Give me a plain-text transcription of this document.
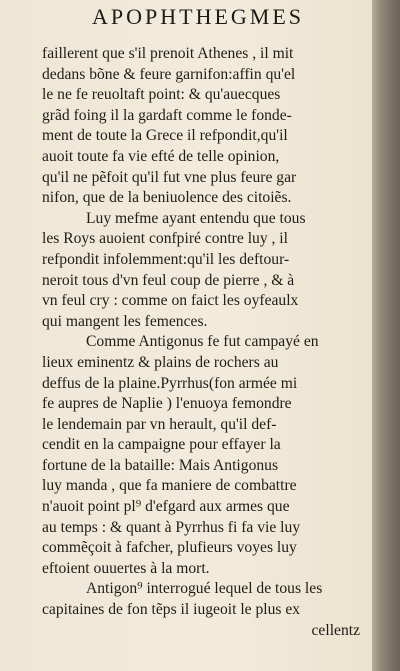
APOPHTHEGMES
faillerent que s'il prenoit Athenes , il mit
dedans bõne & feure garnifon:affin qu'el
le ne fe reuoltaft point: & qu'auecques
grãd foing il la gardaft comme le fonde-
ment de toute la Grece il refpondit,qu'il
auoit toute fa vie efté de telle opinion,
qu'il ne pẽfoit qu'il fut vne plus feure gar
nifon, que de la beniuolence des citoiẽs.
Luy mefme ayant entendu que tous
les Roys auoient confpiré contre luy , il
refpondit infolemment:qu'il les deftour-
neroit tous d'vn feul coup de pierre , & à
vn feul cry : comme on faict les oyfeaulx
qui mangent les femences.
Comme Antigonus fe fut campayé en
lieux eminentz & plains de rochers au
deffus de la plaine.Pyrrhus(fon armée mi
fe aupres de Naplie ) l'enuoya femondre
le lendemain par vn herault, qu'il def-
cendit en la campaigne pour effayer la
fortune de la bataille: Mais Antigonus
luy manda , que fa maniere de combattre
n'auoit point pl⁹ d'efgard aux armes que
au temps : & quant à Pyrrhus fi fa vie luy
commẽçoit à fafcher, plufieurs voyes luy
eftoient ouuertes à la mort.
Antigon⁹ interrogué lequel de tous les
capitaines de fon tẽps il iugeoit le plus ex
cellentz
